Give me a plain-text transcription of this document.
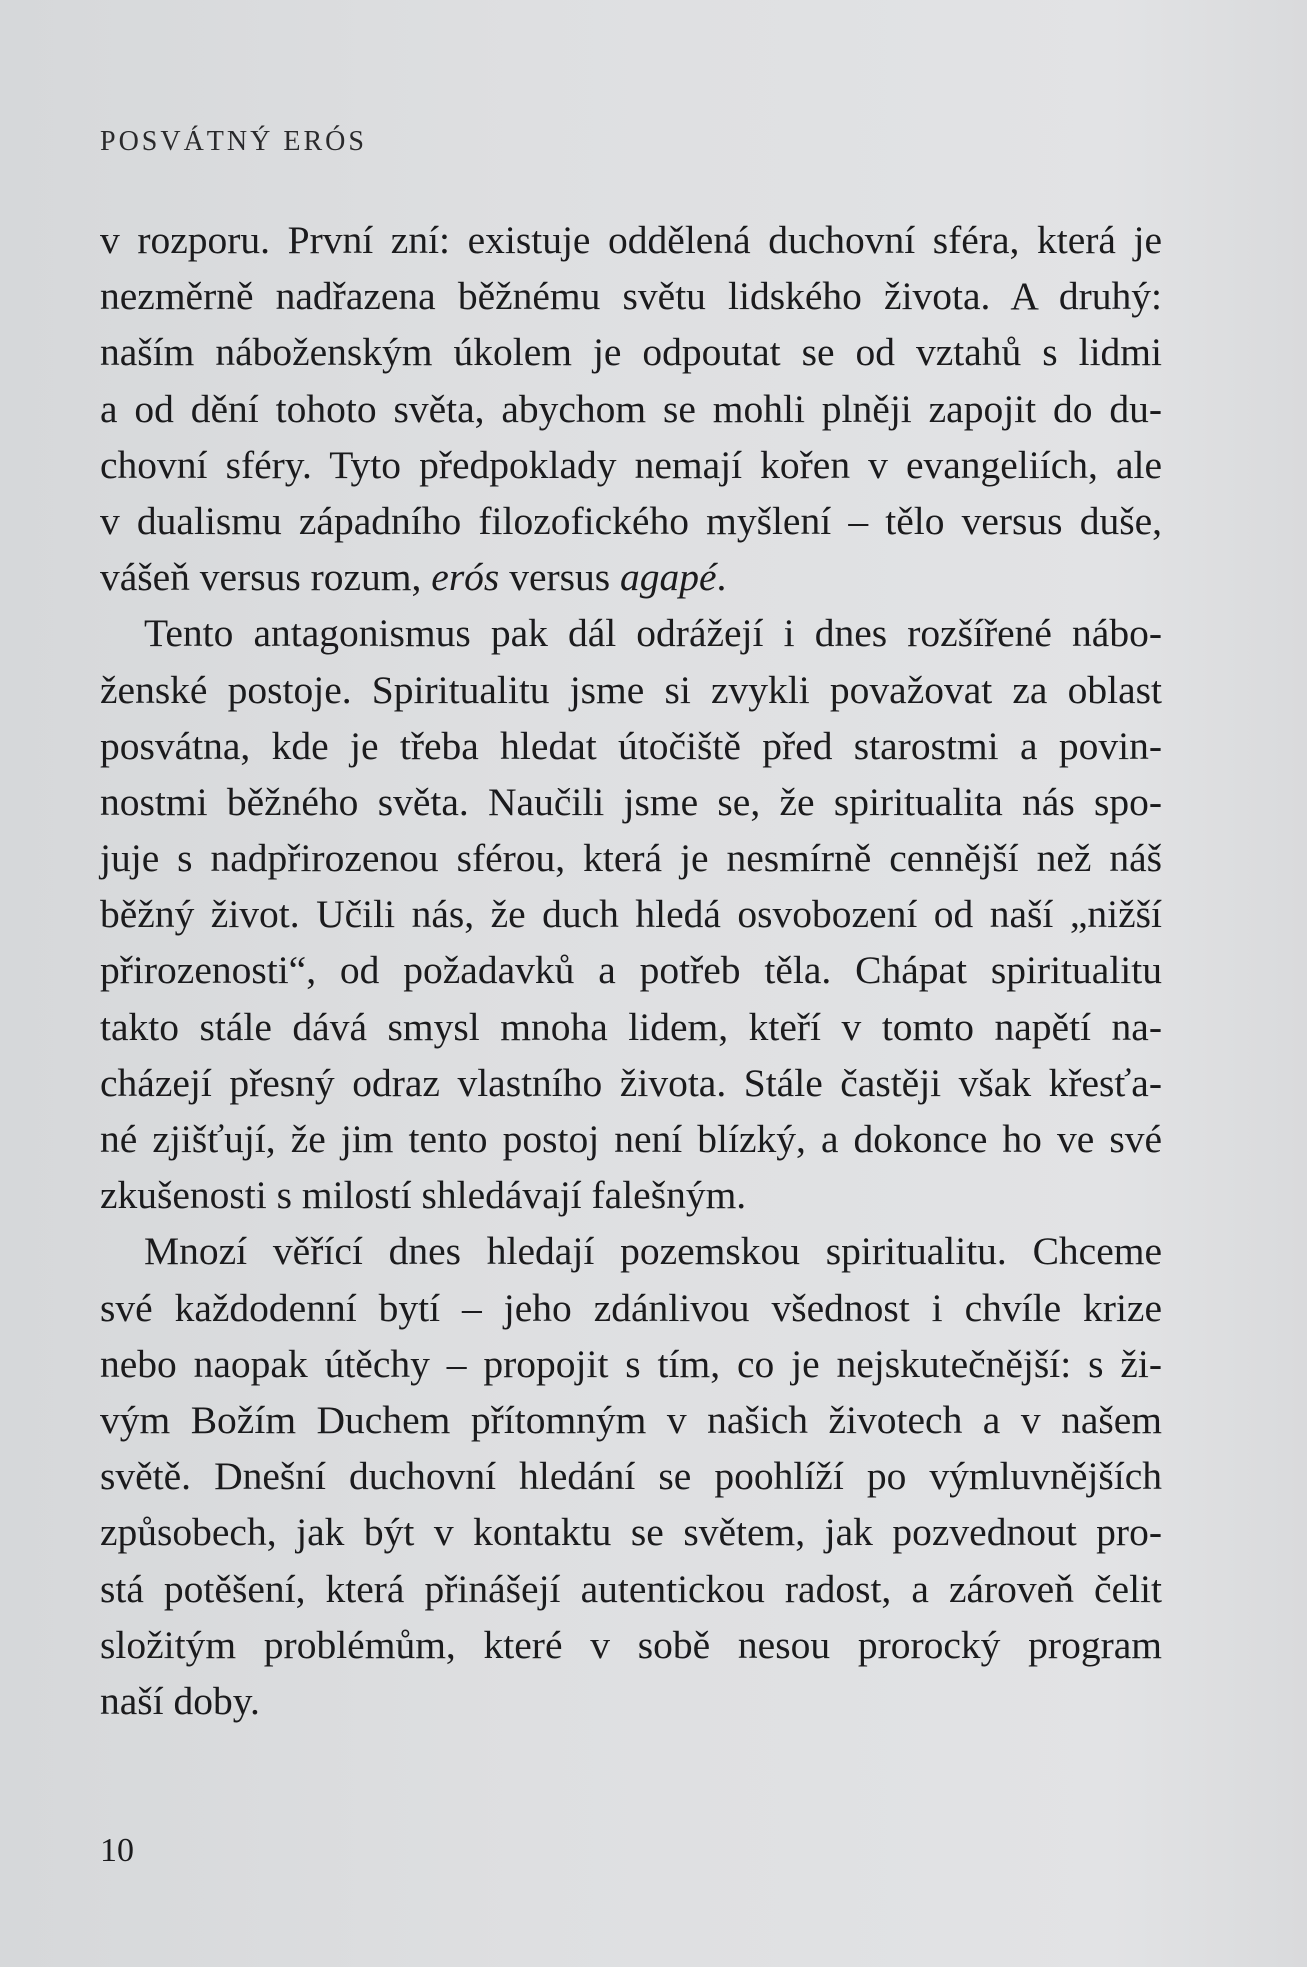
POSVÁTNÝ ERÓS
v rozporu. První zní: existuje oddělená duchovní sféra, která je
nezměrně nadřazena běžnému světu lidského života. A druhý:
naším náboženským úkolem je odpoutat se od vztahů s lidmi
a od dění tohoto světa, abychom se mohli plněji zapojit do du-
chovní sféry. Tyto předpoklady nemají kořen v evangeliích, ale
v dualismu západního filozofického myšlení – tělo versus duše,
vášeň versus rozum, erós versus agapé.
Tento antagonismus pak dál odrážejí i dnes rozšířené nábo-
ženské postoje. Spiritualitu jsme si zvykli považovat za oblast
posvátna, kde je třeba hledat útočiště před starostmi a povin-
nostmi běžného světa. Naučili jsme se, že spiritualita nás spo-
juje s nadpřirozenou sférou, která je nesmírně cennější než náš
běžný život. Učili nás, že duch hledá osvobození od naší „nižší
přirozenosti“, od požadavků a potřeb těla. Chápat spiritualitu
takto stále dává smysl mnoha lidem, kteří v tomto napětí na-
cházejí přesný odraz vlastního života. Stále častěji však křesťa-
né zjišťují, že jim tento postoj není blízký, a dokonce ho ve své
zkušenosti s milostí shledávají falešným.
Mnozí věřící dnes hledají pozemskou spiritualitu. Chceme
své každodenní bytí – jeho zdánlivou všednost i chvíle krize
nebo naopak útěchy – propojit s tím, co je nejskutečnější: s ži-
vým Božím Duchem přítomným v našich životech a v našem
světě. Dnešní duchovní hledání se poohlíží po výmluvnějších
způsobech, jak být v kontaktu se světem, jak pozvednout pro-
stá potěšení, která přinášejí autentickou radost, a zároveň čelit
složitým problémům, které v sobě nesou prorocký program
naší doby.
10
